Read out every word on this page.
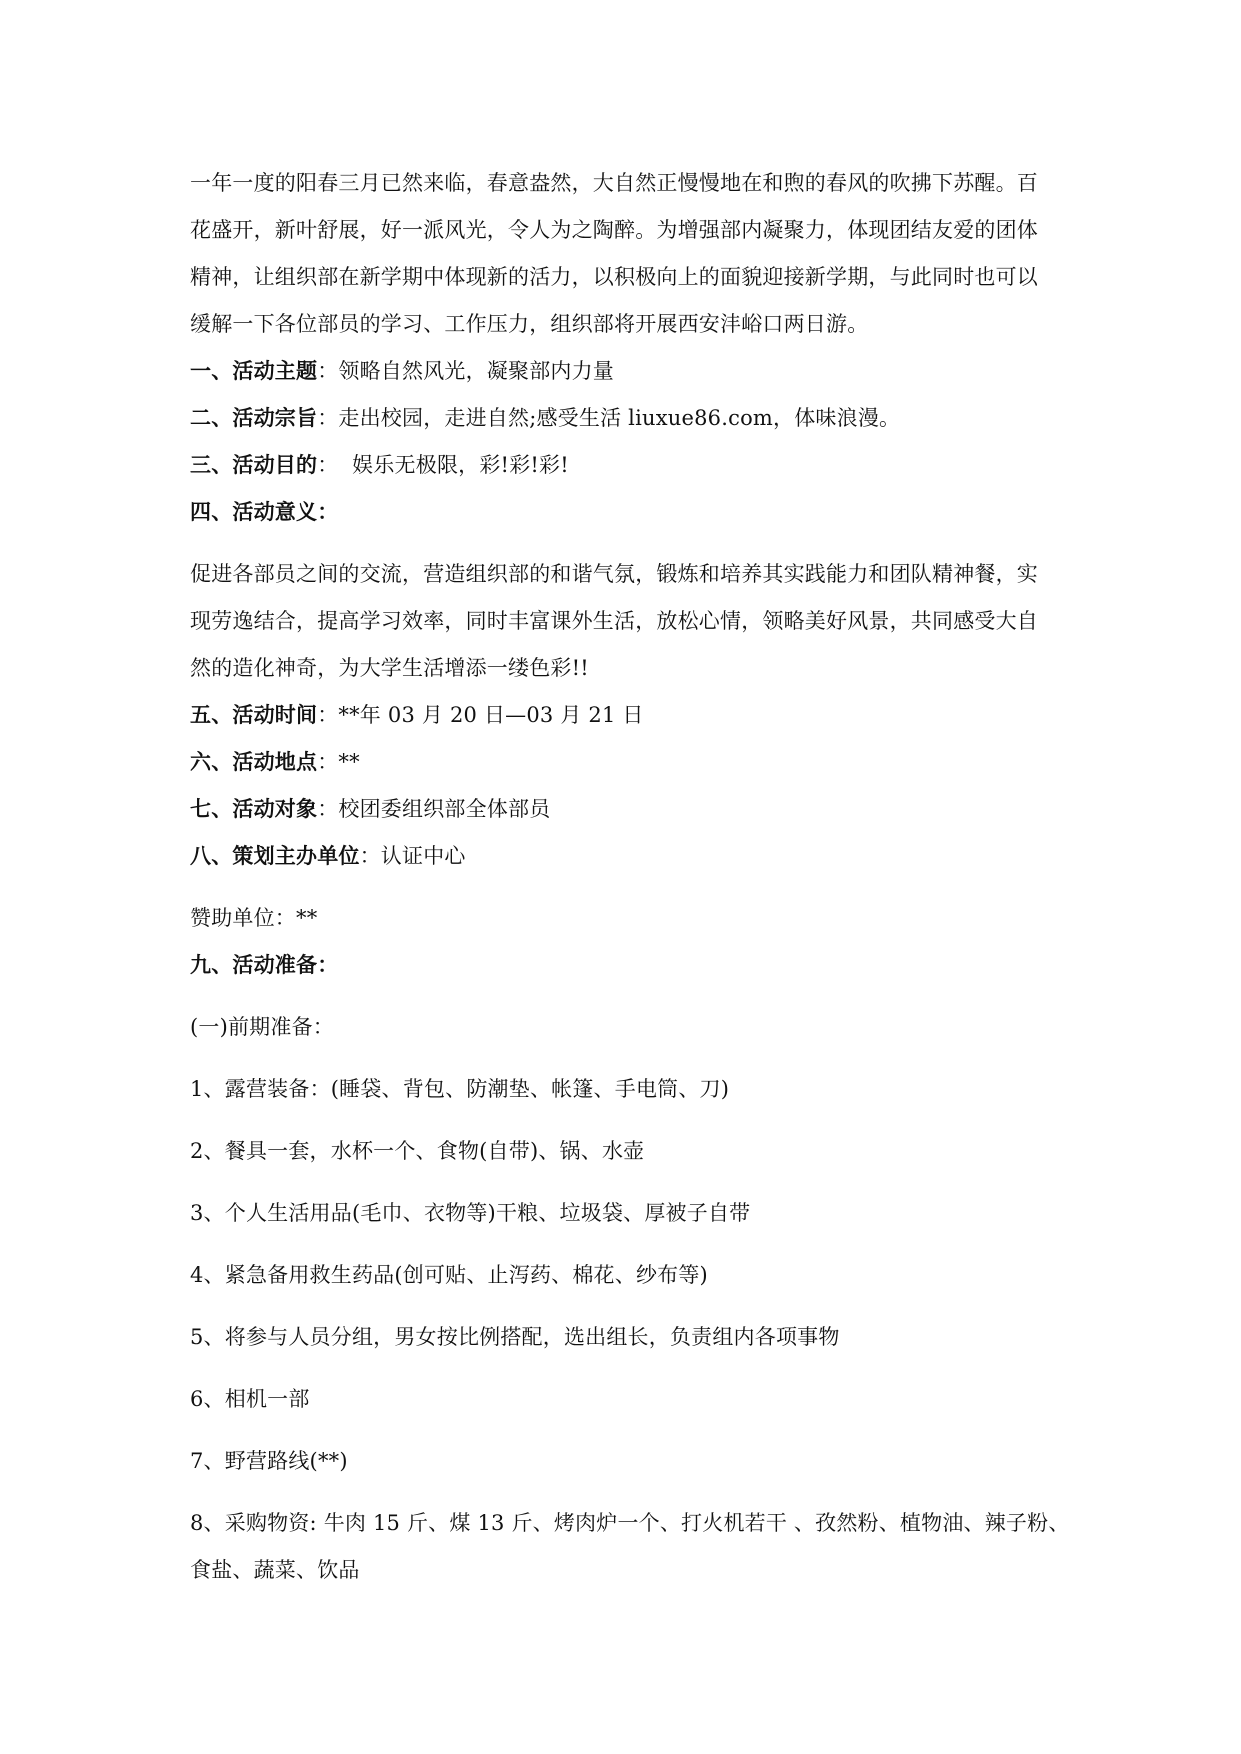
一年一度的阳春三月已然来临，春意盎然，大自然正慢慢地在和煦的春风的吹拂下苏醒。百
花盛开，新叶舒展，好一派风光，令人为之陶醉。为增强部内凝聚力，体现团结友爱的团体
精神，让组织部在新学期中体现新的活力，以积极向上的面貌迎接新学期，与此同时也可以
缓解一下各位部员的学习、工作压力，组织部将开展西安沣峪口两日游。
一、活动主题：领略自然风光，凝聚部内力量
二、活动宗旨：走出校园，走进自然;感受生活 liuxue86.com，体味浪漫。
三、活动目的：  娱乐无极限，彩!彩!彩!
四、活动意义：
促进各部员之间的交流，营造组织部的和谐气氛，锻炼和培养其实践能力和团队精神餐，实
现劳逸结合，提高学习效率，同时丰富课外生活，放松心情，领略美好风景，共同感受大自
然的造化神奇，为大学生活增添一缕色彩!!
五、活动时间：**年 03 月 20 日—03 月 21 日
六、活动地点：**
七、活动对象：校团委组织部全体部员
八、策划主办单位：认证中心
赞助单位：**
九、活动准备：
(一)前期准备：
1、露营装备：(睡袋、背包、防潮垫、帐篷、手电筒、刀)
2、餐具一套，水杯一个、食物(自带)、锅、水壶
3、个人生活用品(毛巾、衣物等)干粮、垃圾袋、厚被子自带
4、紧急备用救生药品(创可贴、止泻药、棉花、纱布等)
5、将参与人员分组，男女按比例搭配，选出组长，负责组内各项事物
6、相机一部
7、野营路线(**)
8、采购物资: 牛肉 15 斤、煤 13 斤、烤肉炉一个、打火机若干 、孜然粉、植物油、辣子粉、
食盐、蔬菜、饮品
